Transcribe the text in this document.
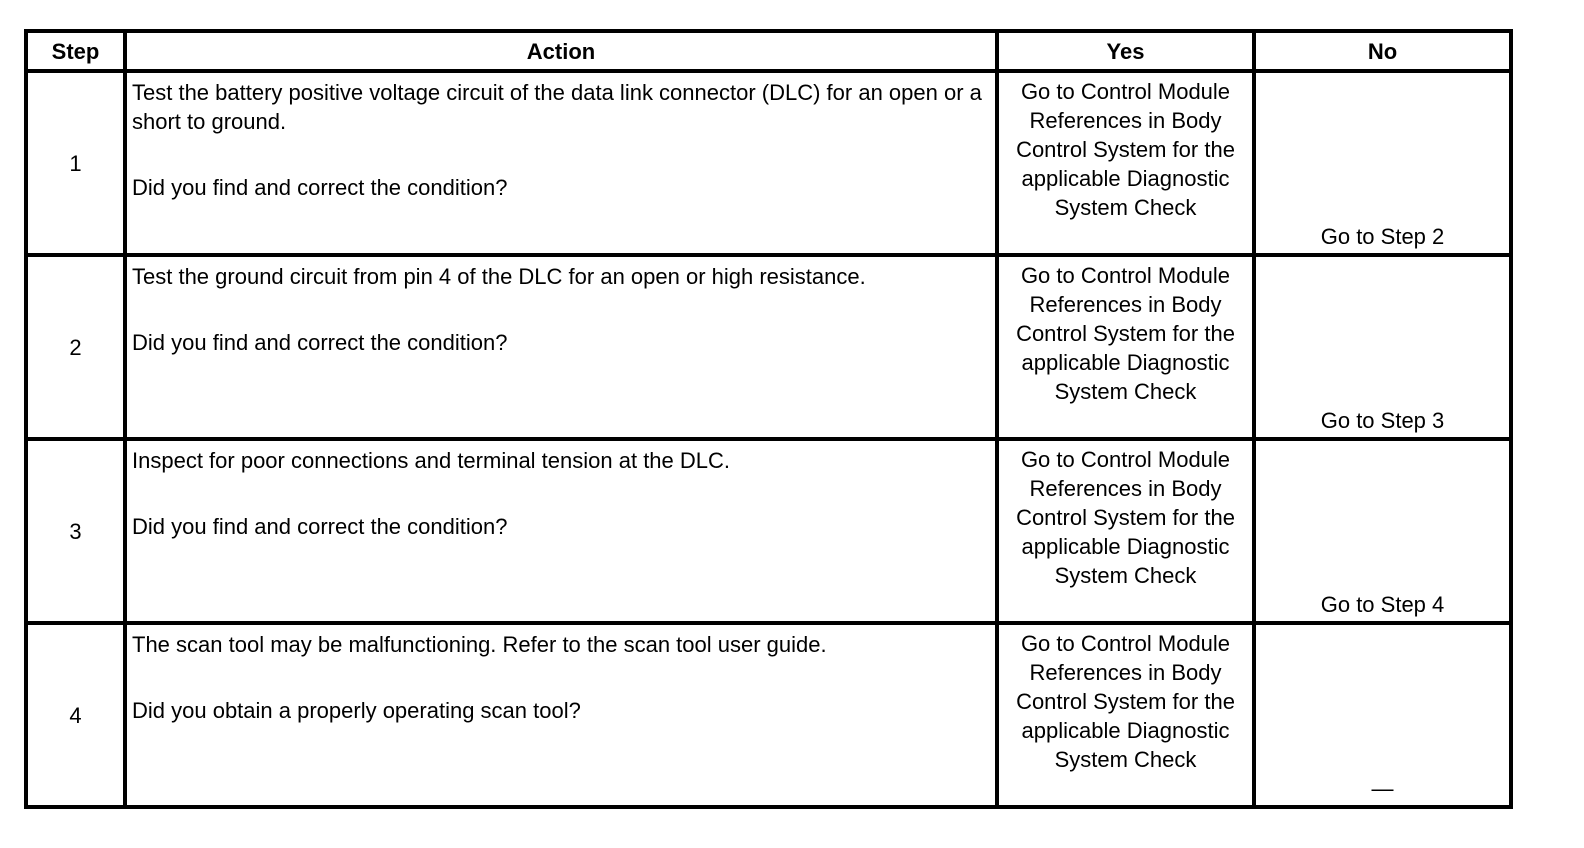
Step	Action	Yes	No
1	Test the battery positive voltage circuit of the data link connector (DLC) for an open or a short to ground.

Did you find and correct the condition?	Go to Control Module References in Body Control System for the applicable Diagnostic System Check	Go to Step 2
2	Test the ground circuit from pin 4 of the DLC for an open or high resistance.

Did you find and correct the condition?	Go to Control Module References in Body Control System for the applicable Diagnostic System Check	Go to Step 3
3	Inspect for poor connections and terminal tension at the DLC.

Did you find and correct the condition?	Go to Control Module References in Body Control System for the applicable Diagnostic System Check	Go to Step 4
4	The scan tool may be malfunctioning. Refer to the scan tool user guide.

Did you obtain a properly operating scan tool?	Go to Control Module References in Body Control System for the applicable Diagnostic System Check	—
